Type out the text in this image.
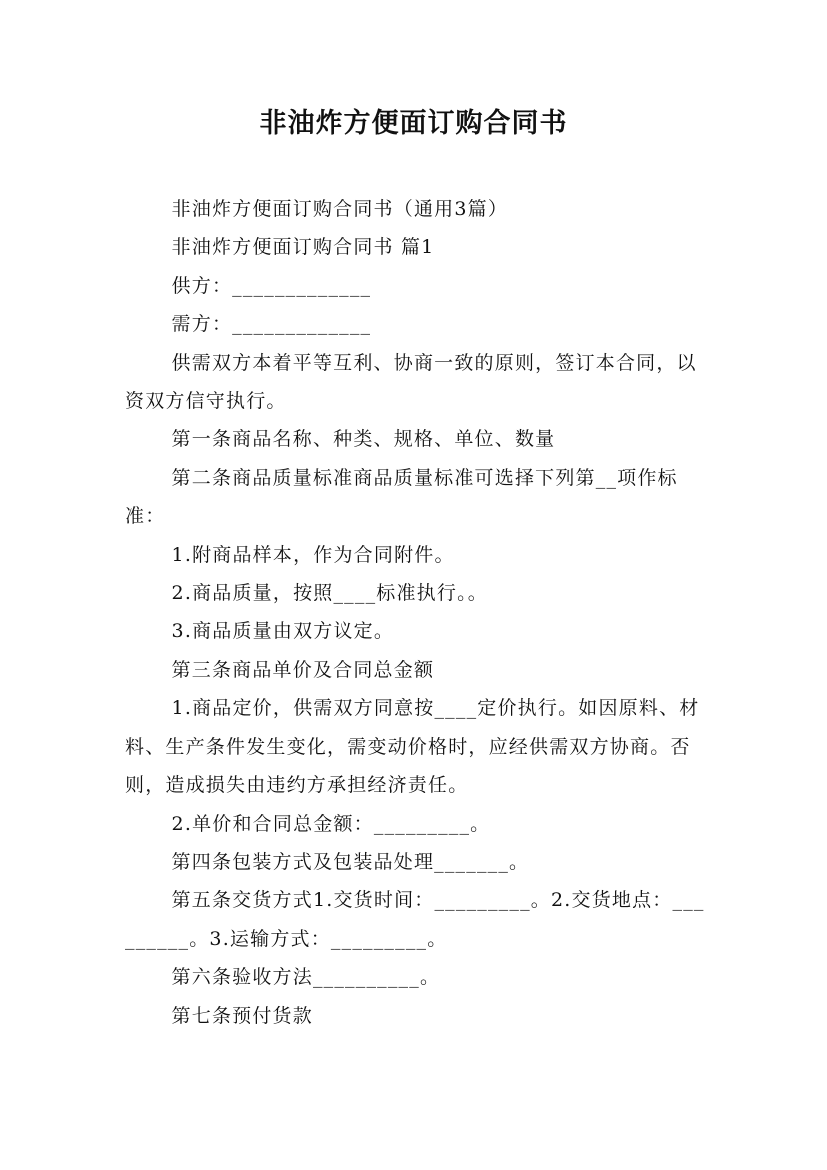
非油炸方便面订购合同书

非油炸方便面订购合同书（通用3篇）

非油炸方便面订购合同书 篇1

供方：_____________

需方：_____________

供需双方本着平等互利、协商一致的原则，签订本合同，以资双方信守执行。

第一条商品名称、种类、规格、单位、数量

第二条商品质量标准商品质量标准可选择下列第__项作标准：

1.附商品样本，作为合同附件。

2.商品质量，按照____标准执行。。

3.商品质量由双方议定。

第三条商品单价及合同总金额

1.商品定价，供需双方同意按____定价执行。如因原料、材料、生产条件发生变化，需变动价格时，应经供需双方协商。否则，造成损失由违约方承担经济责任。

2.单价和合同总金额：_________。

第四条包装方式及包装品处理_______。

第五条交货方式1.交货时间：_________。2.交货地点：_________。3.运输方式：_________。

第六条验收方法__________。

第七条预付货款
